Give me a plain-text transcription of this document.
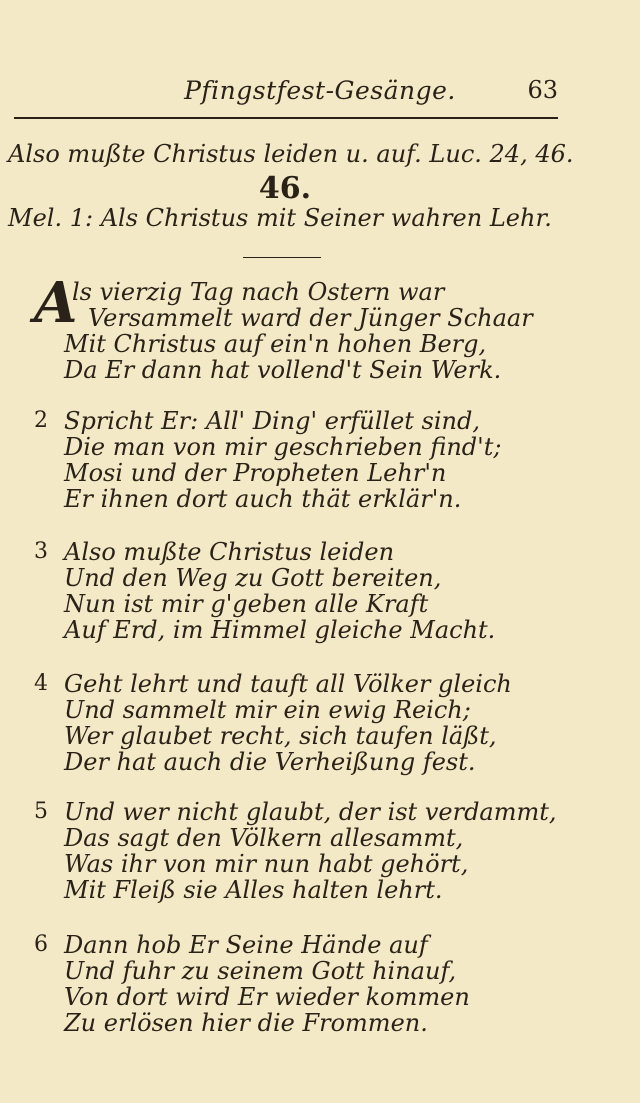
Pfingstfest-Gesänge.	63
Also mußte Christus leiden u. auf. Luc. 24, 46.
46.
Mel. 1: Als Christus mit Seiner wahren Lehr.
A
ls vierzig Tag nach Ostern war
Versammelt ward der Jünger Schaar
Mit Christus auf ein'n hohen Berg,
Da Er dann hat vollend't Sein Werk.
2 Spricht Er: All' Ding' erfüllet sind,
Die man von mir geschrieben find't;
Mosi und der Propheten Lehr'n
Er ihnen dort auch thät erklär'n.
3 Also mußte Christus leiden
Und den Weg zu Gott bereiten,
Nun ist mir g'geben alle Kraft
Auf Erd, im Himmel gleiche Macht.
4 Geht lehrt und tauft all Völker gleich
Und sammelt mir ein ewig Reich;
Wer glaubet recht, sich taufen läßt,
Der hat auch die Verheißung fest.
5 Und wer nicht glaubt, der ist verdammt,
Das sagt den Völkern allesammt,
Was ihr von mir nun habt gehört,
Mit Fleiß sie Alles halten lehrt.
6 Dann hob Er Seine Hände auf
Und fuhr zu seinem Gott hinauf,
Von dort wird Er wieder kommen
Zu erlösen hier die Frommen.
